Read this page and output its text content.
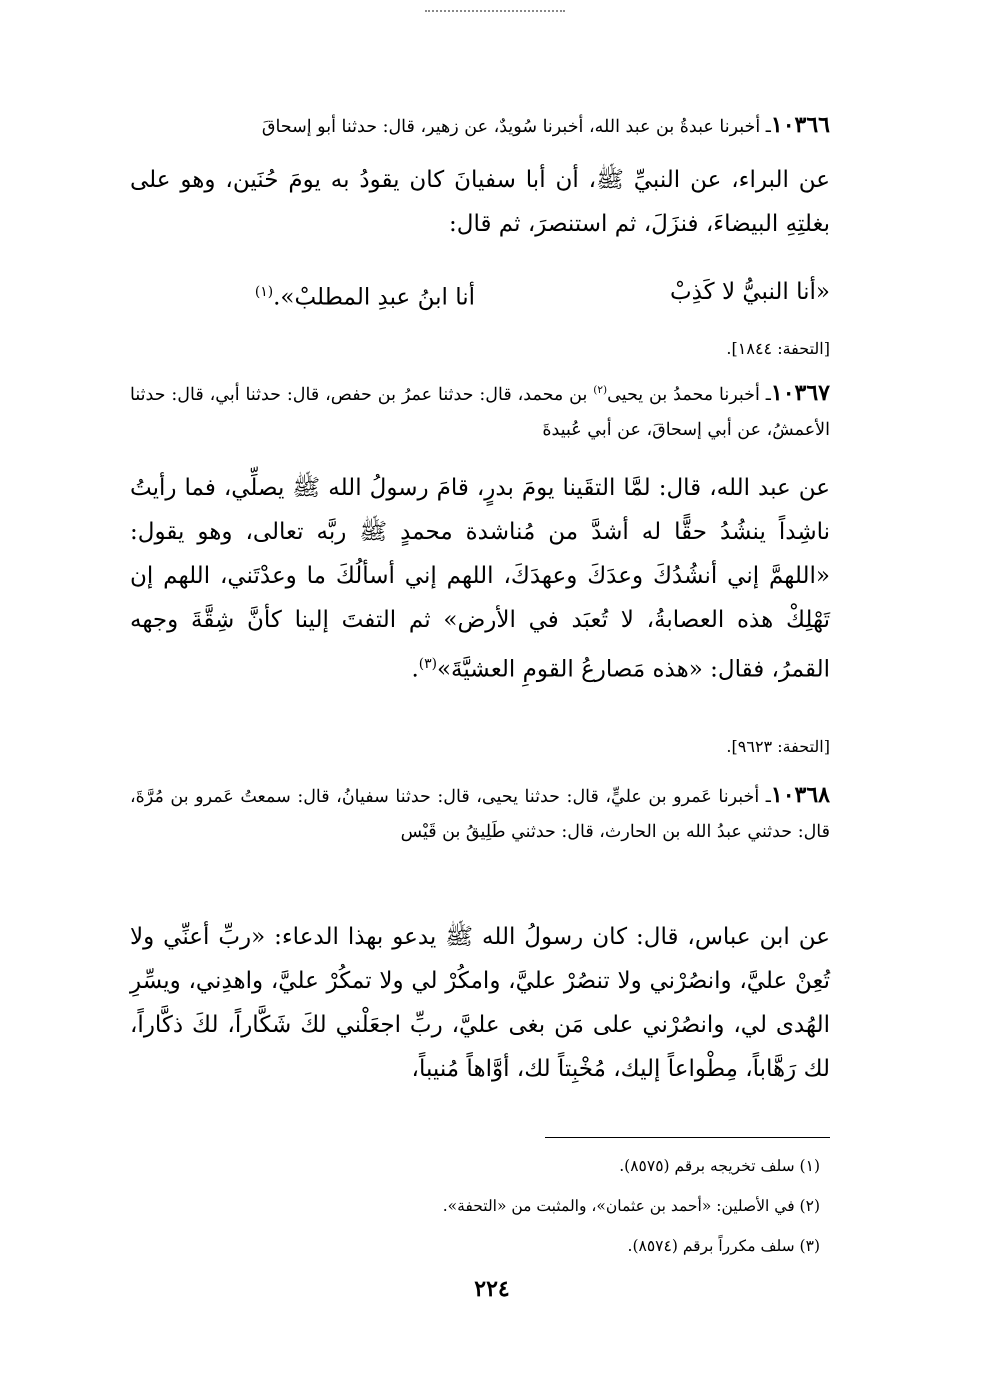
١٠٣٦٦ـ أخبرنا عبدةُ بن عبد الله، أخبرنا سُويدٌ، عن زهير، قال: حدثنا أبو إسحاقَ
عن البراء، عن النبيِّ ﷺ، أن أبا سفيانَ كان يقودُ به يومَ حُنَين، وهو على بغلتِهِ البيضاءَ، فنزَلَ، ثم استنصرَ، ثم قال:
«أنا النبيُّ لا كَذِبْ
أنا ابنُ عبدِ المطلبْ».$^{(١)}$
[التحفة: ١٨٤٤].
١٠٣٦٧ـ أخبرنا محمدُ بن يحيى$^{(٢)}$ بن محمد، قال: حدثنا عمرُ بن حفص، قال: حدثنا أبي، قال: حدثنا الأعمشُ، عن أبي إسحاقَ، عن أبي عُبيدةَ
عن عبد الله، قال: لمَّا التقَينا يومَ بدرٍ، قامَ رسولُ الله ﷺ يصلِّي، فما رأيتُ ناشِداً ينشُدُ حقًّا له أشدَّ من مُناشدة محمدٍ ﷺ ربَّه تعالى، وهو يقول: «اللهمَّ إني أنشُدُكَ وعدَكَ وعهدَكَ، اللهم إني أسألُكَ ما وعدْتَني، اللهم إن تَهْلِكْ هذه العصابةُ، لا تُعبَد في الأرض» ثم التفتَ إلينا كأنَّ شِقَّةَ وجهه القمرُ، فقال: «هذه مَصارعُ القومِ العشيَّةَ»$^{(٣)}$.
[التحفة: ٩٦٢٣].
١٠٣٦٨ـ أخبرنا عَمرو بن عليٍّ، قال: حدثنا يحيى، قال: حدثنا سفيانُ، قال: سمعتُ عَمرو بن مُرَّةَ، قال: حدثني عبدُ الله بن الحارث، قال: حدثني طَلِيقُ بن قَيْس
عن ابن عباس، قال: كان رسولُ الله ﷺ يدعو بهذا الدعاء: «ربِّ أعنِّي ولا تُعِنْ عليَّ، وانصُرْني ولا تنصُرْ عليَّ، وامكُرْ لي ولا تمكُرْ عليَّ، واهدِني، ويسِّرِ الهُدى لي، وانصُرْني على مَن بغى عليَّ، ربِّ اجعَلْني لكَ شَكَّاراً، لكَ ذكَّاراً، لك رَهَّاباً، مِطْواعاً إليك، مُخْبِتاً لك، أوَّاهاً مُنيباً،
(١) سلف تخريجه برقم (٨٥٧٥).
(٢) في الأصلين: «أحمد بن عثمان»، والمثبت من «التحفة».
(٣) سلف مكرراً برقم (٨٥٧٤).
٢٢٤
